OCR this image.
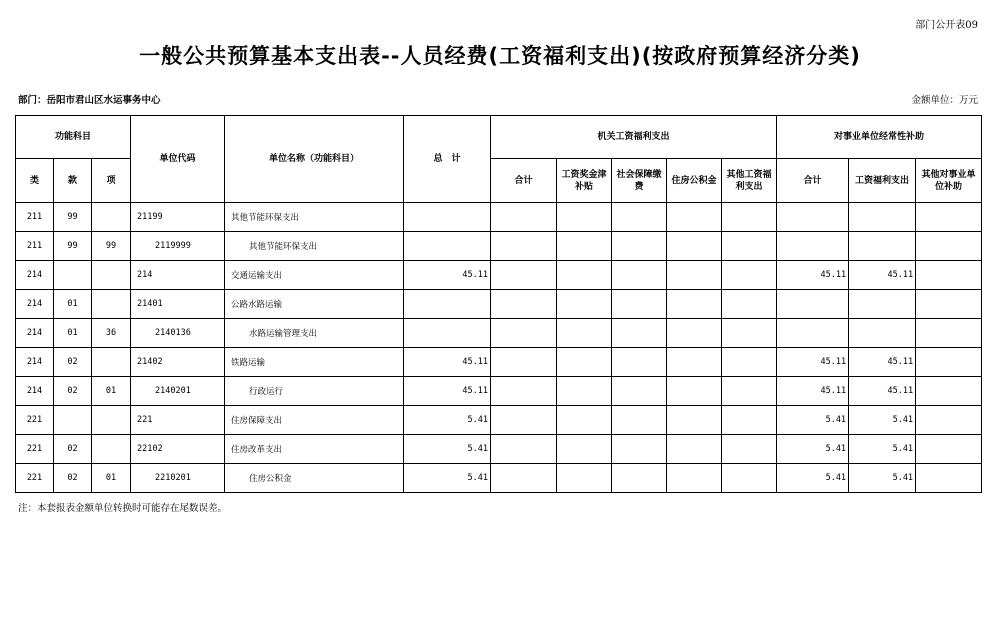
部门公开表09
一般公共预算基本支出表--人员经费(工资福利支出)(按政府预算经济分类)
部门：岳阳市君山区水运事务中心	金额单位：万元
功能科目			单位代码	单位名称（功能科目）	总　计	机关工资福利支出					对事业单位经常性补助		
类	款	项				合计	工资奖金津补贴	社会保障缴费	住房公积金	其他工资福利支出	合计	工资福利支出	其他对事业单位补助
211	99		21199	其他节能环保支出									
211	99	99	2119999	其他节能环保支出									
214			214	交通运输支出	45.11						45.11	45.11	
214	01		21401	公路水路运输									
214	01	36	2140136	水路运输管理支出									
214	02		21402	铁路运输	45.11						45.11	45.11	
214	02	01	2140201	行政运行	45.11						45.11	45.11	
221			221	住房保障支出	5.41						5.41	5.41	
221	02		22102	住房改革支出	5.41						5.41	5.41	
221	02	01	2210201	住房公积金	5.41						5.41	5.41	
注：本套报表金额单位转换时可能存在尾数误差。
